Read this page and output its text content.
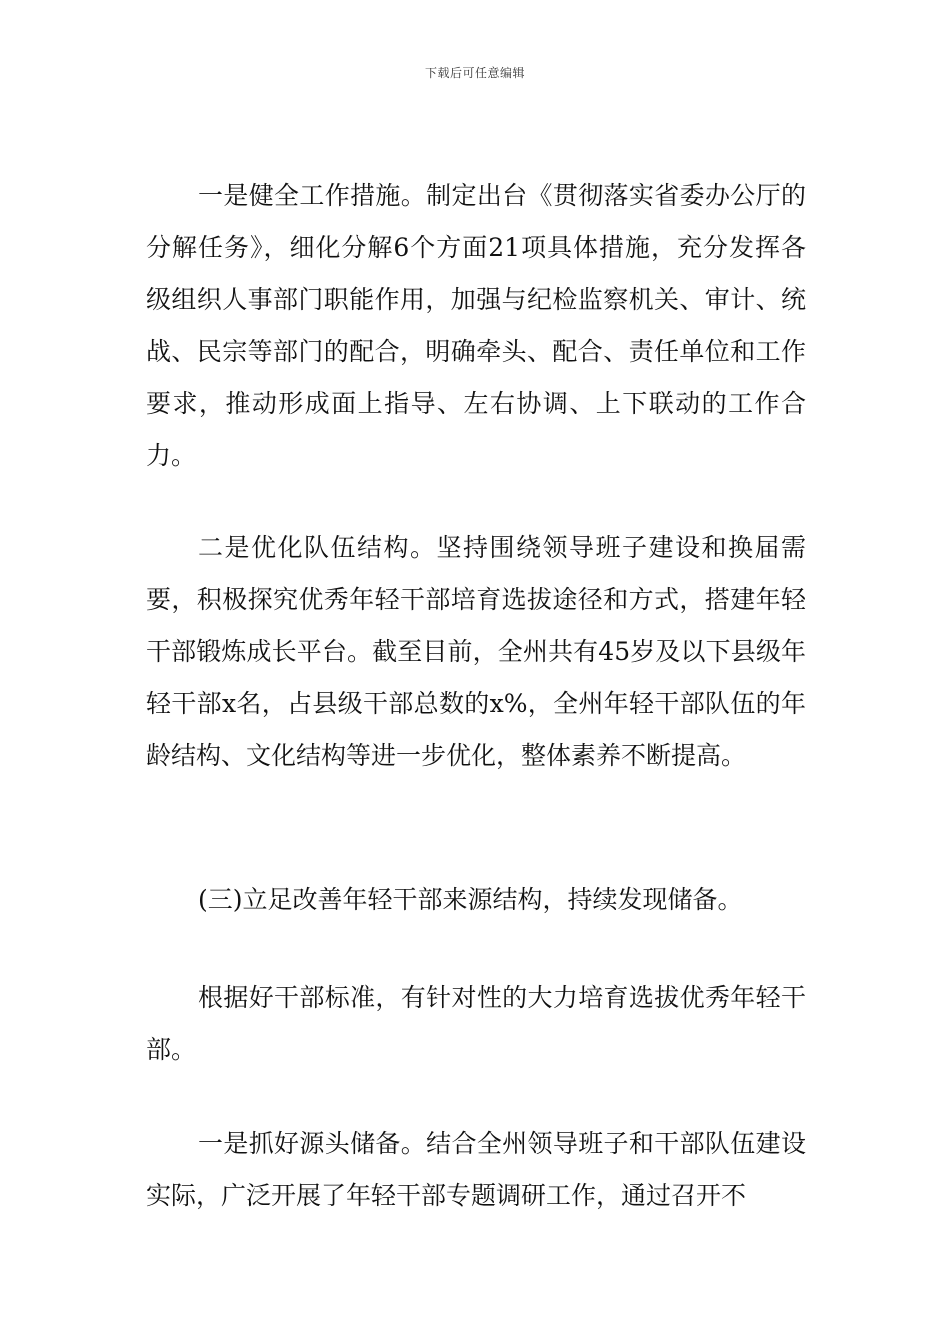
下载后可任意编辑

一是健全工作措施。制定出台《贯彻落实省委办公厅的分解任务》，细化分解6个方面21项具体措施，充分发挥各级组织人事部门职能作用，加强与纪检监察机关、审计、统战、民宗等部门的配合，明确牵头、配合、责任单位和工作要求，推动形成面上指导、左右协调、上下联动的工作合力。

二是优化队伍结构。坚持围绕领导班子建设和换届需要，积极探究优秀年轻干部培育选拔途径和方式，搭建年轻干部锻炼成长平台。截至目前，全州共有45岁及以下县级年轻干部x名，占县级干部总数的x%，全州年轻干部队伍的年龄结构、文化结构等进一步优化，整体素养不断提高。

(三)立足改善年轻干部来源结构，持续发现储备。

根据好干部标准，有针对性的大力培育选拔优秀年轻干部。

一是抓好源头储备。结合全州领导班子和干部队伍建设实际，广泛开展了年轻干部专题调研工作，通过召开不
